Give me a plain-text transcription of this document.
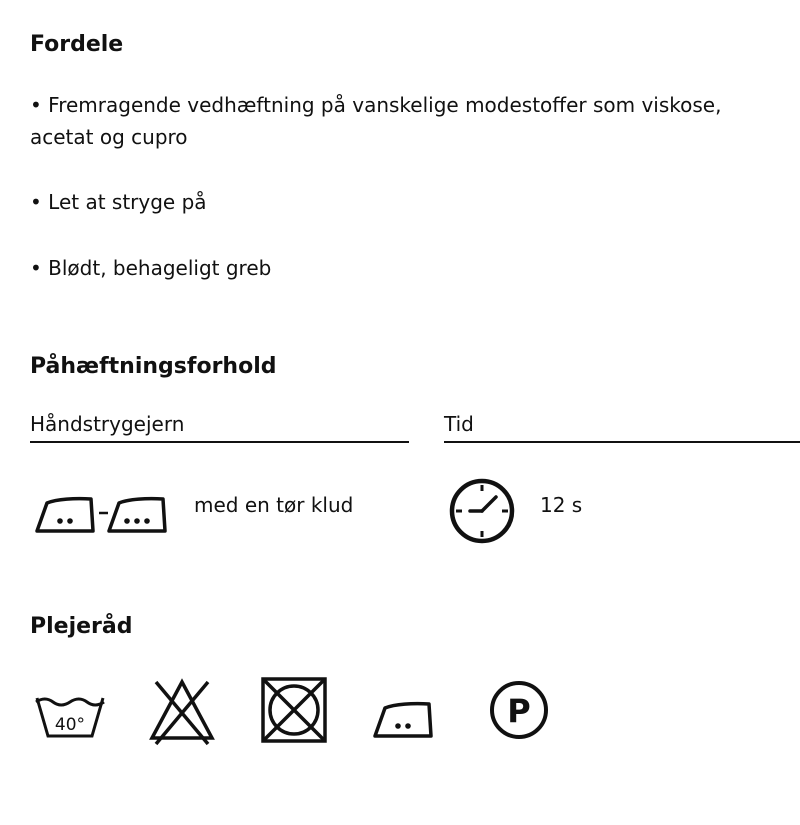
Fordele

• Fremragende vedhæftning på vanskelige modestoffer som viskose, acetat og cupro

• Let at stryge på

• Blødt, behageligt greb

Påhæftningsforhold
Håndstrygejern	Tid
med en tør klud	12 s
Plejeråd
40°	P
